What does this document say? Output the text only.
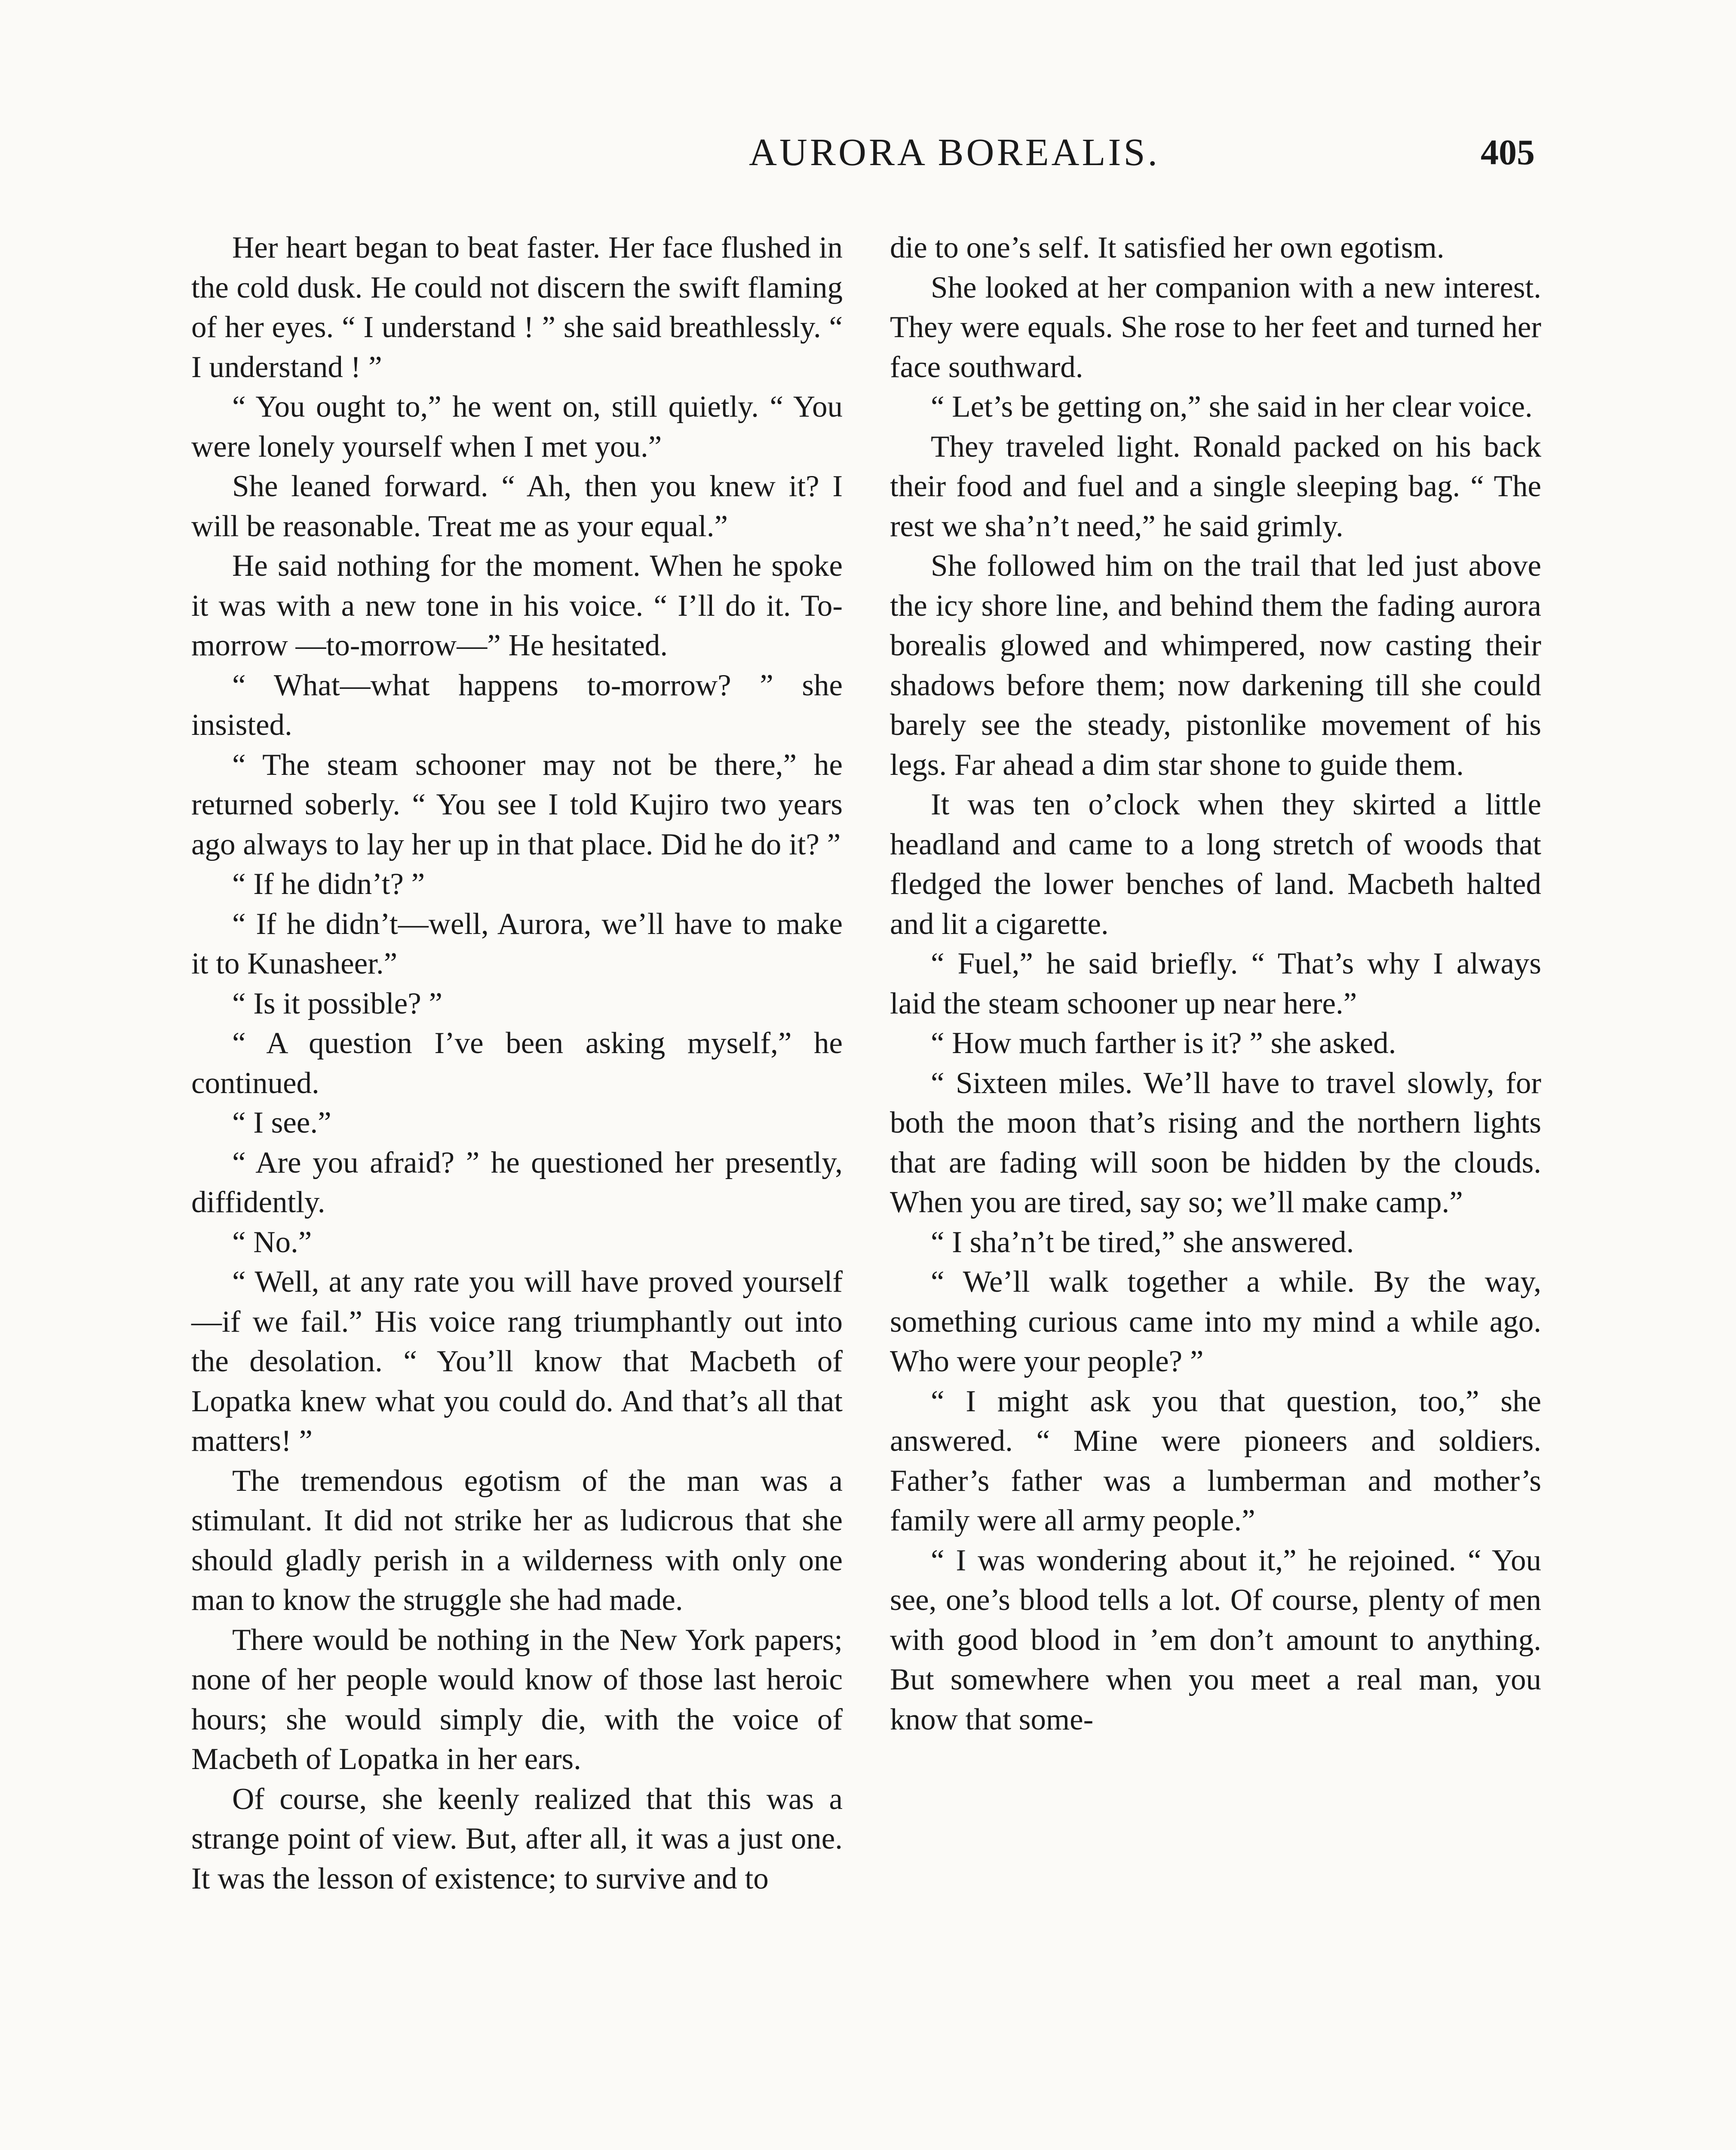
AURORA BOREALIS.	405

Her heart began to beat faster. Her face flushed in the cold dusk. He could not discern the swift flaming of her eyes. “ I understand ! ” she said breathlessly. “ I understand ! ”

“ You ought to,” he went on, still quietly. “ You were lonely yourself when I met you.”

She leaned forward. “ Ah, then you knew it? I will be reasonable. Treat me as your equal.”

He said nothing for the moment. When he spoke it was with a new tone in his voice. “ I’ll do it. To-morrow —to-morrow—” He hesitated.

“ What—what happens to-morrow? ” she insisted.

“ The steam schooner may not be there,” he returned soberly. “ You see I told Kujiro two years ago always to lay her up in that place. Did he do it? ”

“ If he didn’t? ”

“ If he didn’t—well, Aurora, we’ll have to make it to Kunasheer.”

“ Is it possible? ”

“ A question I’ve been asking myself,” he continued.

“ I see.”

“ Are you afraid? ” he questioned her presently, diffidently.

“ No.”

“ Well, at any rate you will have proved yourself—if we fail.” His voice rang triumphantly out into the desolation. “ You’ll know that Macbeth of Lopatka knew what you could do. And that’s all that matters! ”

The tremendous egotism of the man was a stimulant. It did not strike her as ludicrous that she should gladly perish in a wilderness with only one man to know the struggle she had made.

There would be nothing in the New York papers; none of her people would know of those last heroic hours; she would simply die, with the voice of Macbeth of Lopatka in her ears.

Of course, she keenly realized that this was a strange point of view. But, after all, it was a just one. It was the lesson of existence; to survive and to

die to one’s self. It satisfied her own egotism.

She looked at her companion with a new interest. They were equals. She rose to her feet and turned her face southward.

“ Let’s be getting on,” she said in her clear voice.

They traveled light. Ronald packed on his back their food and fuel and a single sleeping bag. “ The rest we sha’n’t need,” he said grimly.

She followed him on the trail that led just above the icy shore line, and behind them the fading aurora borealis glowed and whimpered, now casting their shadows before them; now darkening till she could barely see the steady, pistonlike movement of his legs. Far ahead a dim star shone to guide them.

It was ten o’clock when they skirted a little headland and came to a long stretch of woods that fledged the lower benches of land. Macbeth halted and lit a cigarette.

“ Fuel,” he said briefly. “ That’s why I always laid the steam schooner up near here.”

“ How much farther is it? ” she asked.

“ Sixteen miles. We’ll have to travel slowly, for both the moon that’s rising and the northern lights that are fading will soon be hidden by the clouds. When you are tired, say so; we’ll make camp.”

“ I sha’n’t be tired,” she answered.

“ We’ll walk together a while. By the way, something curious came into my mind a while ago. Who were your people? ”

“ I might ask you that question, too,” she answered. “ Mine were pioneers and soldiers. Father’s father was a lumberman and mother’s family were all army people.”

“ I was wondering about it,” he rejoined. “ You see, one’s blood tells a lot. Of course, plenty of men with good blood in ’em don’t amount to anything. But somewhere when you meet a real man, you know that some-
